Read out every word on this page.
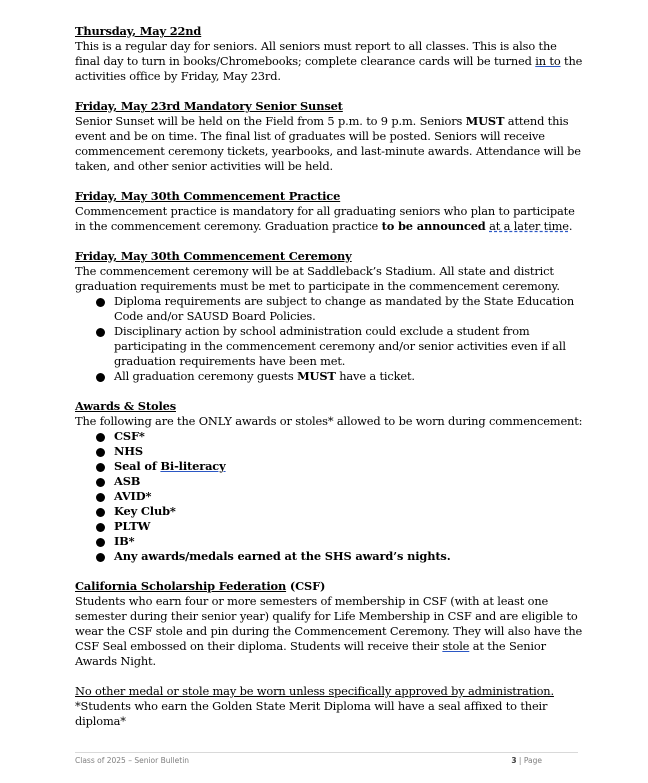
Thursday, May 22nd

This is a regular day for seniors. All seniors must report to all classes. This is also the final day to turn in books/Chromebooks; complete clearance cards will be turned in to the activities office by Friday, May 23rd.

Friday, May 23rd Mandatory Senior Sunset

Senior Sunset will be held on the Field from 5 p.m. to 9 p.m. Seniors MUST attend this event and be on time. The final list of graduates will be posted. Seniors will receive commencement ceremony tickets, yearbooks, and last-minute awards. Attendance will be taken, and other senior activities will be held.

Friday, May 30th Commencement Practice

Commencement practice is mandatory for all graduating seniors who plan to participate in the commencement ceremony. Graduation practice to be announced at a later time.

Friday, May 30th Commencement Ceremony

The commencement ceremony will be at Saddleback’s Stadium. All state and district graduation requirements must be met to participate in the commencement ceremony.

Diploma requirements are subject to change as mandated by the State Education Code and/or SAUSD Board Policies.
Disciplinary action by school administration could exclude a student from participating in the commencement ceremony and/or senior activities even if all graduation requirements have been met.
All graduation ceremony guests MUST have a ticket.
Awards & Stoles

The following are the ONLY awards or stoles* allowed to be worn during commencement:

CSF*
NHS
Seal of Bi-literacy
ASB
AVID*
Key Club*
PLTW
IB*
Any awards/medals earned at the SHS award’s nights.
California Scholarship Federation (CSF)

Students who earn four or more semesters of membership in CSF (with at least one semester during their senior year) qualify for Life Membership in CSF and are eligible to wear the CSF stole and pin during the Commencement Ceremony. They will also have the CSF Seal embossed on their diploma. Students will receive their stole at the Senior Awards Night.

No other medal or stole may be worn unless specifically approved by administration.

*Students who earn the Golden State Merit Diploma will have a seal affixed to their diploma*

Class of 2025 – Senior Bulletin	3 | Page
